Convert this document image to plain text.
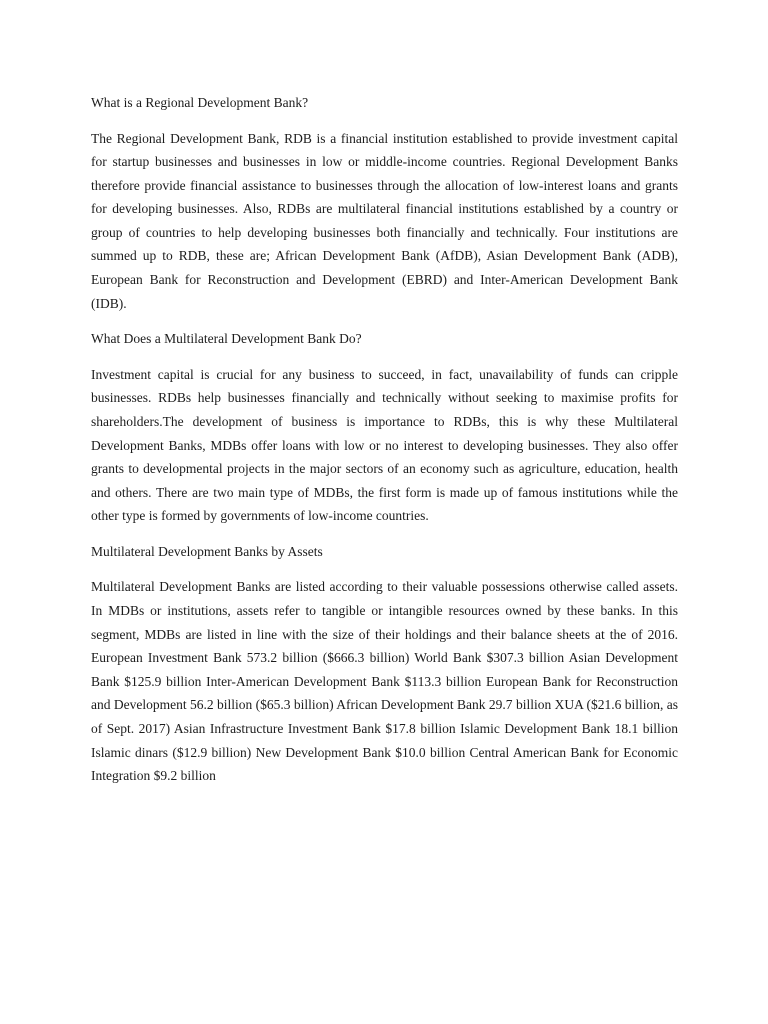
What is a Regional Development Bank?

The Regional Development Bank, RDB is a financial institution established to provide investment capital for startup businesses and businesses in low or middle-income countries. Regional Development Banks therefore provide financial assistance to businesses through the allocation of low-interest loans and grants for developing businesses. Also, RDBs are multilateral financial institutions established by a country or group of countries to help developing businesses both financially and technically. Four institutions are summed up to RDB, these are; African Development Bank (AfDB), Asian Development Bank (ADB), European Bank for Reconstruction and Development (EBRD) and Inter-American Development Bank (IDB).

What Does a Multilateral Development Bank Do?

Investment capital is crucial for any business to succeed, in fact, unavailability of funds can cripple businesses. RDBs help businesses financially and technically without seeking to maximise profits for shareholders.The development of business is importance to RDBs, this is why these Multilateral Development Banks, MDBs offer loans with low or no interest to developing businesses. They also offer grants to developmental projects in the major sectors of an economy such as agriculture, education, health and others. There are two main type of MDBs, the first form is made up of famous institutions while the other type is formed by governments of low-income countries.

Multilateral Development Banks by Assets

Multilateral Development Banks are listed according to their valuable possessions otherwise called assets. In MDBs or institutions, assets refer to tangible or intangible resources owned by these banks. In this segment, MDBs are listed in line with the size of their holdings and their balance sheets at the of 2016. European Investment Bank 573.2 billion ($666.3 billion) World Bank $307.3 billion Asian Development Bank $125.9 billion Inter-American Development Bank $113.3 billion European Bank for Reconstruction and Development 56.2 billion ($65.3 billion) African Development Bank 29.7 billion XUA ($21.6 billion, as of Sept. 2017) Asian Infrastructure Investment Bank $17.8 billion Islamic Development Bank 18.1 billion Islamic dinars ($12.9 billion) New Development Bank $10.0 billion Central American Bank for Economic Integration $9.2 billion
